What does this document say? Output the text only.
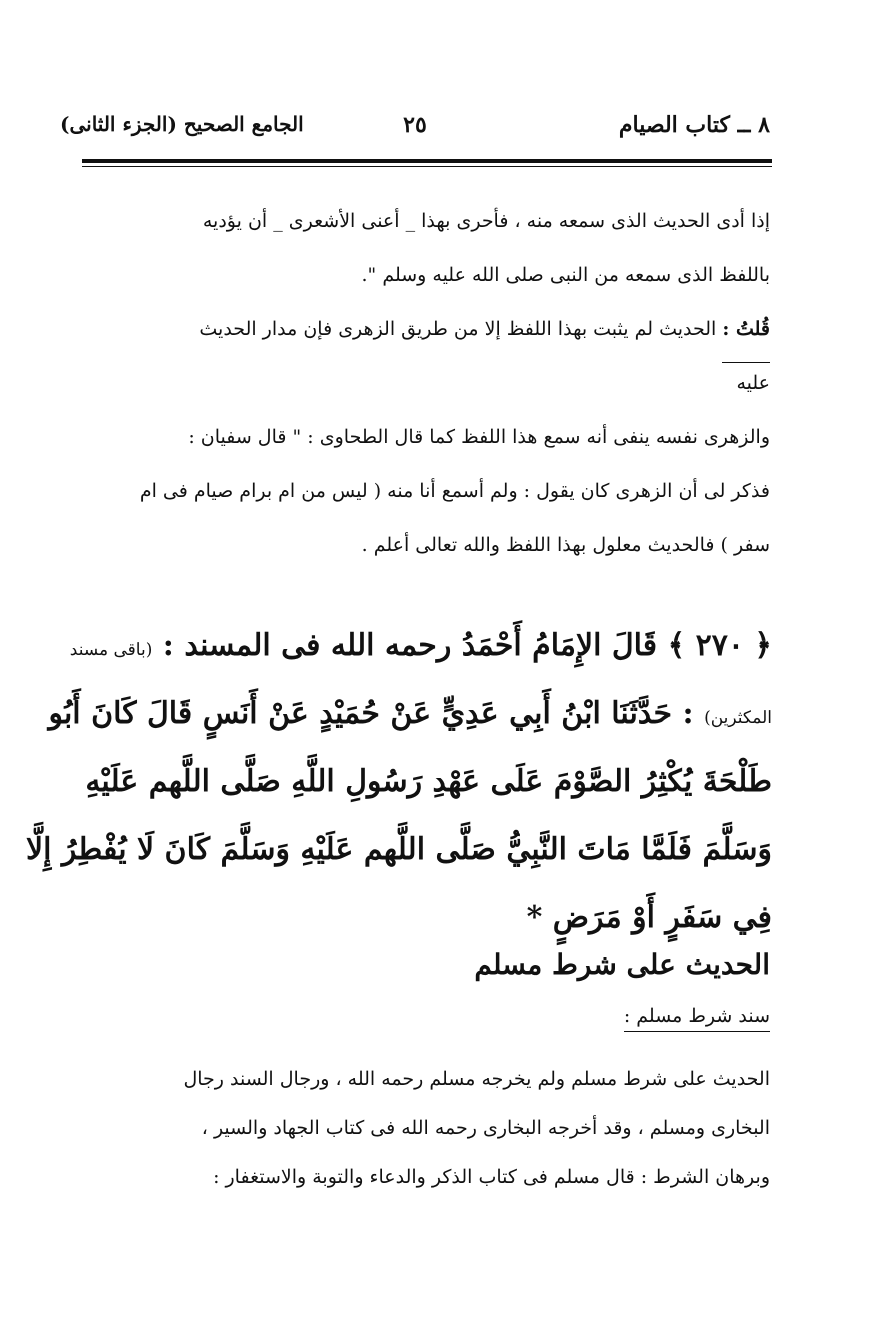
٨ ــ كتاب الصيام
٢٥
الجامع الصحيح (الجزء الثانى)
إذا أدى الحديث الذى سمعه منه ، فأحرى بهذا _ أعنى الأشعرى _ أن يؤديه
باللفظ الذى سمعه من النبى صلى الله عليه وسلم ".
قُلتُ :الحديث لم يثبت بهذا اللفظ إلا من طريق الزهرى فإن مدار الحديث
عليه
والزهرى نفسه ينفى أنه سمع هذا اللفظ كما قال الطحاوى : " قال سفيان :
فذكر لى أن الزهرى كان يقول : ولم أسمع أنا منه ( ليس من ام برام صيام فى ام
سفر ) فالحديث معلول بهذا اللفظ والله تعالى أعلم .
﴿ ٢٧٠ ﴾ قَالَ الإِمَامُ أَحْمَدُ رحمه الله فى المسند : (باقى مسند
المكثرين) : حَدَّثَنَا ابْنُ أَبِي عَدِيٍّ عَنْ حُمَيْدٍ عَنْ أَنَسٍ قَالَ كَانَ أَبُو
طَلْحَةَ يُكْثِرُ الصَّوْمَ عَلَى عَهْدِ رَسُولِ اللَّهِ صَلَّى اللَّهم عَلَيْهِ
وَسَلَّمَ فَلَمَّا مَاتَ النَّبِيُّ صَلَّى اللَّهم عَلَيْهِ وَسَلَّمَ كَانَ لَا يُفْطِرُ إِلَّا
فِي سَفَرٍ أَوْ مَرَضٍ *
الحديث على شرط مسلم
سند شرط مسلم :
الحديث على شرط مسلم ولم يخرجه مسلم رحمه الله ، ورجال السند رجال
البخارى ومسلم ، وقد أخرجه البخارى رحمه الله فى كتاب الجهاد والسير ،
وبرهان الشرط : قال مسلم فى كتاب الذكر والدعاء والتوبة والاستغفار :
